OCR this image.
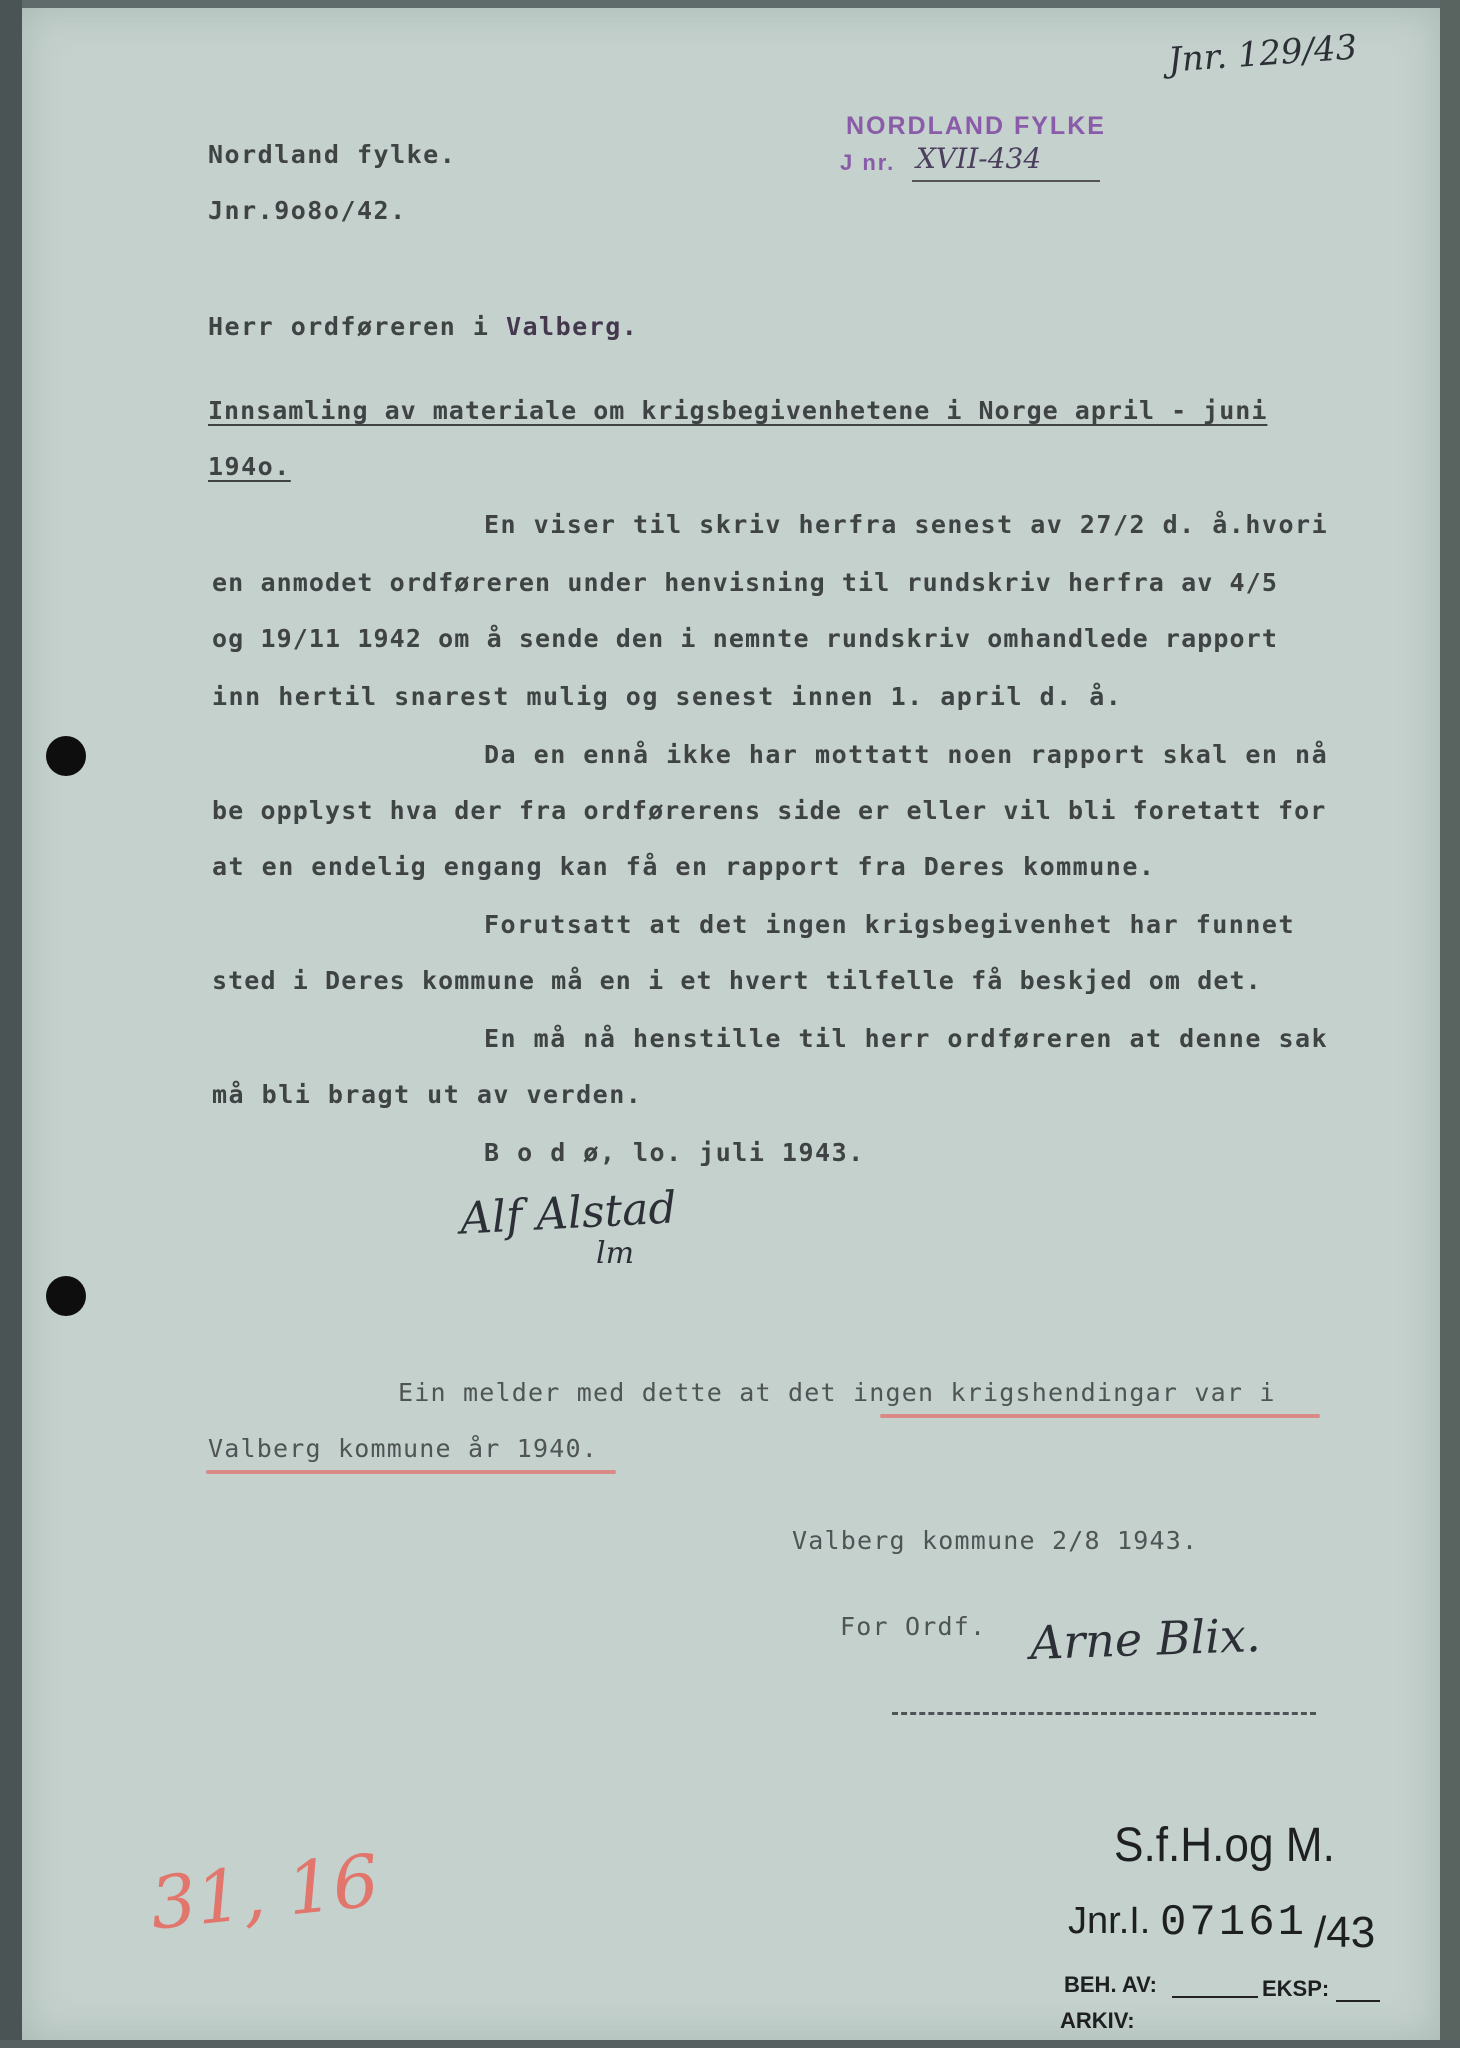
Jnr. 129/43
NORDLAND FYLKE
J nr. XVII-434
Nordland fylke.
Jnr.9o8o/42.
Herr ordføreren i Valberg.
Innsamling av materiale om krigsbegivenhetene i Norge april - juni
194o.
En viser til skriv herfra senest av 27/2 d. å.hvori
en anmodet ordføreren under henvisning til rundskriv herfra av 4/5
og 19/11 1942 om å sende den i nemnte rundskriv omhandlede rapport
inn hertil snarest mulig og senest innen 1. april d. å.
Da en ennå ikke har mottatt noen rapport skal en nå
be opplyst hva der fra ordførerens side er eller vil bli foretatt for
at en endelig engang kan få en rapport fra Deres kommune.
Forutsatt at det ingen krigsbegivenhet har funnet
sted i Deres kommune må en i et hvert tilfelle få beskjed om det.
En må nå henstille til herr ordføreren at denne sak
må bli bragt ut av verden.
B o d ø, lo. juli 1943.
Alf Alstad
lm
Ein melder med dette at det ingen krigshendingar var i
Valberg kommune år 1940.
Valberg kommune 2/8 1943.
For Ordf. Arne Blix.
31, 16	S.f.H.og M.
Jnr.I. 07161 /43
BEH. AV:	EKSP:
ARKIV:
